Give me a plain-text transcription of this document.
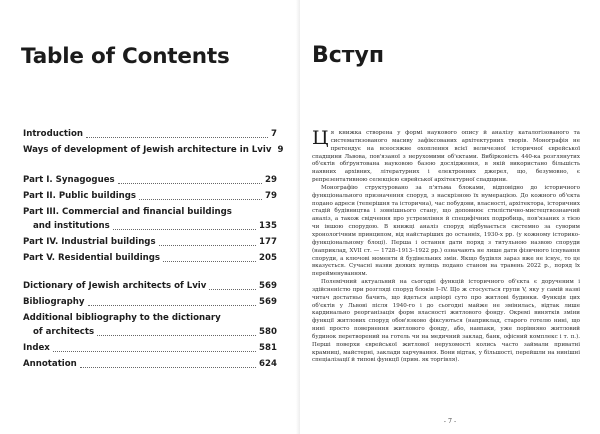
Table of Contents
Introduction	7
Ways of development of Jewish architecture in Lviv 9
Part I. Synagogues	29
Part II. Public buildings	79
Part III. Commercial and financial buildings
and institutions	135
Part IV. Industrial buildings	177
Part V. Residential buildings	205
Dictionary of Jewish architects of Lviv	569
Bibliography	569
Additional bibliography to the dictionary
of architects	580
Index	581
Annotation	624
Вступ

Ця книжка створена у формі наукового опису й аналізу каталогізованого та систематизованого масиву зафіксованих архітектурних творів. Монографія не претендує на всеосяжне охоплення всієї величезної історичної єврейської спадщини Львова, пов'язаної з нерухомими об'єктами. Вибірковість 440-ка розглянутих об'єктів обґрунтована науковою базою дослідження, в якій використано більшість наявних архівних, літературних і електронних джерел, що, безумовно, є репрезентативною селекцією єврейської архітектурної спадщини.

Монографію структуровано за п'ятьма блоками, відповідно до історичного функціонального призначення споруд, з наскрізною їх нумерацією. До кожного об'єкта подано адреси (теперішня та історична), час побудови, власності, архітектора, історичних стадій будівництва і зовнішнього стану, що доповнює стилістично-мистецтвознавчий аналіз, а також свідчення про устремління й специфічних подробиць, пов'язаних з тією чи іншою спорудою. В книжці аналіз споруд відбувається системно за суворим хронологічним принципом, від найстаріших до останніх, 1930-х рр. (у кожному історико-функціональному блоці). Перша і остання дати поряд з титульною назвою споруди (наприклад, XVII ст. — 1728–1913–1922 рр.) означають не лише дати фізичного існування споруди, а ключові моменти й будівельних змін. Якщо будівля зараз вже не існує, то це вказується. Сучасні назви деяких вулиць подано станом на травень 2022 р., поряд їх перейменуванням.

Полемічний актуальний на сьогодні функцій історичного об'єкта є дорученим і здійсненістю при розгляді споруд блоків I–IV. Що ж стосується групи V, яку у самій назві читач достатньо бачить, що йдеться апріорі суто про житлові будинки. Функція цих об'єктів у Львові після 1940-го і до сьогодні майже не змінилась, відтак лише кардинально реорганізація форм власності житлового фонду. Окремі винятків зміни функції житлових споруд обов'язково фіксуються (наприклад, старого готелю нині, що нині просто повернення житлового фонду, або, навпаки, уже порівняно житловий будинок перетворений на готель чи на медичний заклад, банк, офісний комплекс і т. п.). Перші поверхи єврейської житлової нерухомості колись часто займали приватні крамниці, майстерні, заклади харчування. Вони відтак, у більшості, перейшли на нинішні спеціалізації й типові функції (прим. як торгівля).

• 7 •
